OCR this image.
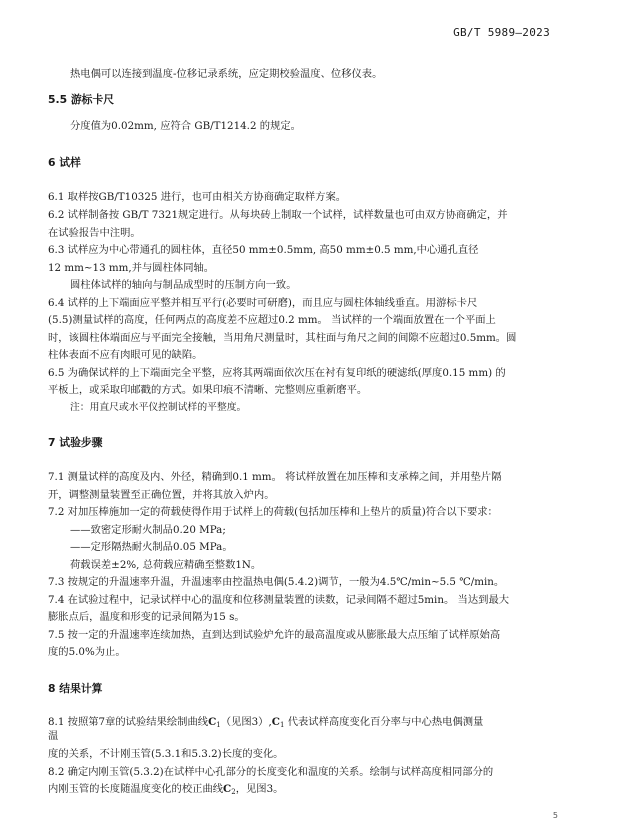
GB/T 5989—2023
热电偶可以连接到温度-位移记录系统，应定期校验温度、位移仪表。
5.5 游标卡尺
分度值为0.02mm, 应符合 GB/T1214.2 的规定。
6 试样
6.1 取样按GB/T10325 进行，也可由相关方协商确定取样方案。
6.2 试样制备按 GB/T 7321规定进行。从每块砖上制取一个试样，试样数量也可由双方协商确定，并
在试验报告中注明。
6.3 试样应为中心带通孔的圆柱体，直径50 mm±0.5mm, 高50 mm±0.5 mm,中心通孔直径
12 mm~13 mm,并与圆柱体同轴。
圆柱体试样的轴向与制品成型时的压制方向一致。
6.4 试样的上下端面应平整并相互平行(必要时可研磨)，而且应与圆柱体轴线垂直。用游标卡尺
(5.5)测量试样的高度，任何两点的高度差不应超过0.2 mm。 当试样的一个端面放置在一个平面上
时，该圆柱体端面应与平面完全接触，当用角尺测量时，其柱面与角尺之间的间隙不应超过0.5mm。圆
柱体表面不应有肉眼可见的缺陷。
6.5 为确保试样的上下端面完全平整，应将其两端面依次压在衬有复印纸的硬滤纸(厚度0.15 mm) 的
平板上，或采取印邮戳的方式。如果印痕不清晰、完整则应重新磨平。
注：用直尺或水平仪控制试样的平整度。
7 试验步骤
7.1 测量试样的高度及内、外径，精确到0.1 mm。 将试样放置在加压棒和支承棒之间，并用垫片隔
开，调整测量装置至正确位置，并将其放入炉内。
7.2 对加压棒施加一定的荷载使得作用于试样上的荷载(包括加压棒和上垫片的质量)符合以下要求：
——致密定形耐火制品0.20 MPa;
——定形隔热耐火制品0.05 MPa。
荷载误差±2%, 总荷载应精确至整数1N。
7.3 按规定的升温速率升温，升温速率由控温热电偶(5.4.2)调节，一般为4.5℃/min~5.5 ℃/min。
7.4 在试验过程中，记录试样中心的温度和位移测量装置的读数，记录间隔不超过5min。 当达到最大
膨胀点后，温度和形变的记录间隔为15 s。
7.5 按一定的升温速率连续加热，直到达到试验炉允许的最高温度或从膨胀最大点压缩了试样原始高
度的5.0%为止。
8 结果计算
8.1 按照第7章的试验结果绘制曲线$C_1$（见图$3),C_1$ 代表试样高度变化百分率与中心热电偶测量
温
度的关系，不计刚玉管(5.3.1和5.3.2)长度的变化。
8.2 确定内刚玉管(5.3.2)在试样中心孔部分的长度变化和温度的关系。绘制与试样高度相同部分的
内刚玉管的长度随温度变化的校正曲线$C_2$，见图3。
5
